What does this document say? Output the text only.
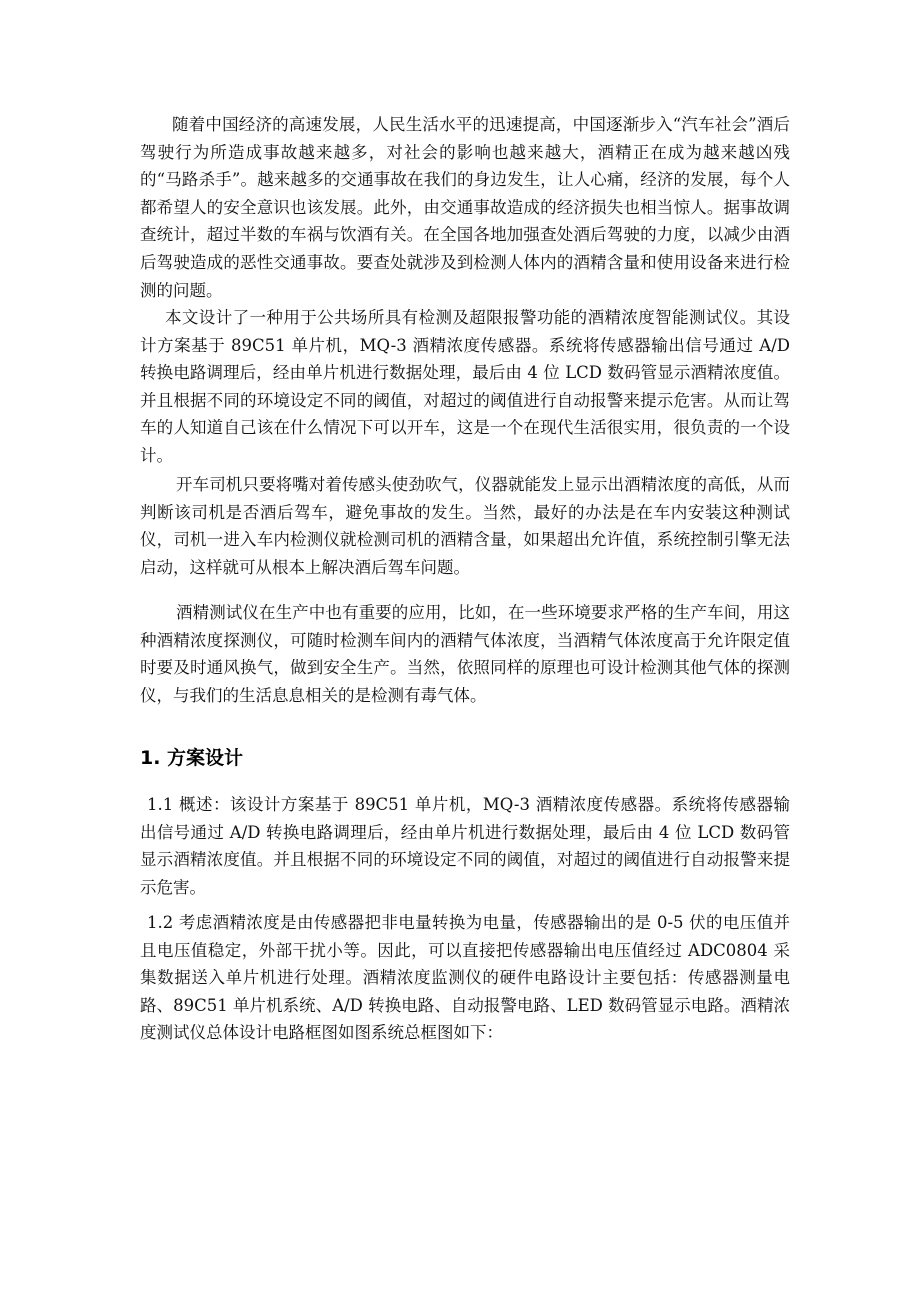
随着中国经济的高速发展，人民生活水平的迅速提高，中国逐渐步入“汽车社会”酒后驾驶行为所造成事故越来越多，对社会的影响也越来越大，酒精正在成为越来越凶残的“马路杀手”。越来越多的交通事故在我们的身边发生，让人心痛，经济的发展，每个人都希望人的安全意识也该发展。此外，由交通事故造成的经济损失也相当惊人。据事故调查统计，超过半数的车祸与饮酒有关。在全国各地加强查处酒后驾驶的力度，以减少由酒后驾驶造成的恶性交通事故。要查处就涉及到检测人体内的酒精含量和使用设备来进行检测的问题。

本文设计了一种用于公共场所具有检测及超限报警功能的酒精浓度智能测试仪。其设计方案基于 89C51 单片机，MQ-3 酒精浓度传感器。系统将传感器输出信号通过 A/D 转换电路调理后，经由单片机进行数据处理，最后由 4 位 LCD 数码管显示酒精浓度值。并且根据不同的环境设定不同的阈值，对超过的阈值进行自动报警来提示危害。从而让驾车的人知道自己该在什么情况下可以开车，这是一个在现代生活很实用，很负责的一个设计。

开车司机只要将嘴对着传感头使劲吹气，仪器就能发上显示出酒精浓度的高低，从而判断该司机是否酒后驾车，避免事故的发生。当然，最好的办法是在车内安装这种测试仪，司机一进入车内检测仪就检测司机的酒精含量，如果超出允许值，系统控制引擎无法启动，这样就可从根本上解决酒后驾车问题。

酒精测试仪在生产中也有重要的应用，比如，在一些环境要求严格的生产车间，用这种酒精浓度探测仪，可随时检测车间内的酒精气体浓度，当酒精气体浓度高于允许限定值时要及时通风换气，做到安全生产。当然，依照同样的原理也可设计检测其他气体的探测仪，与我们的生活息息相关的是检测有毒气体。

1. 方案设计

1.1 概述：该设计方案基于 89C51 单片机，MQ-3 酒精浓度传感器。系统将传感器输出信号通过 A/D 转换电路调理后，经由单片机进行数据处理，最后由 4 位 LCD 数码管显示酒精浓度值。并且根据不同的环境设定不同的阈值，对超过的阈值进行自动报警来提示危害。

1.2 考虑酒精浓度是由传感器把非电量转换为电量，传感器输出的是 0-5 伏的电压值并且电压值稳定，外部干扰小等。因此，可以直接把传感器输出电压值经过 ADC0804 采集数据送入单片机进行处理。酒精浓度监测仪的硬件电路设计主要包括：传感器测量电路、89C51 单片机系统、A/D 转换电路、自动报警电路、LED 数码管显示电路。酒精浓度测试仪总体设计电路框图如图系统总框图如下：
